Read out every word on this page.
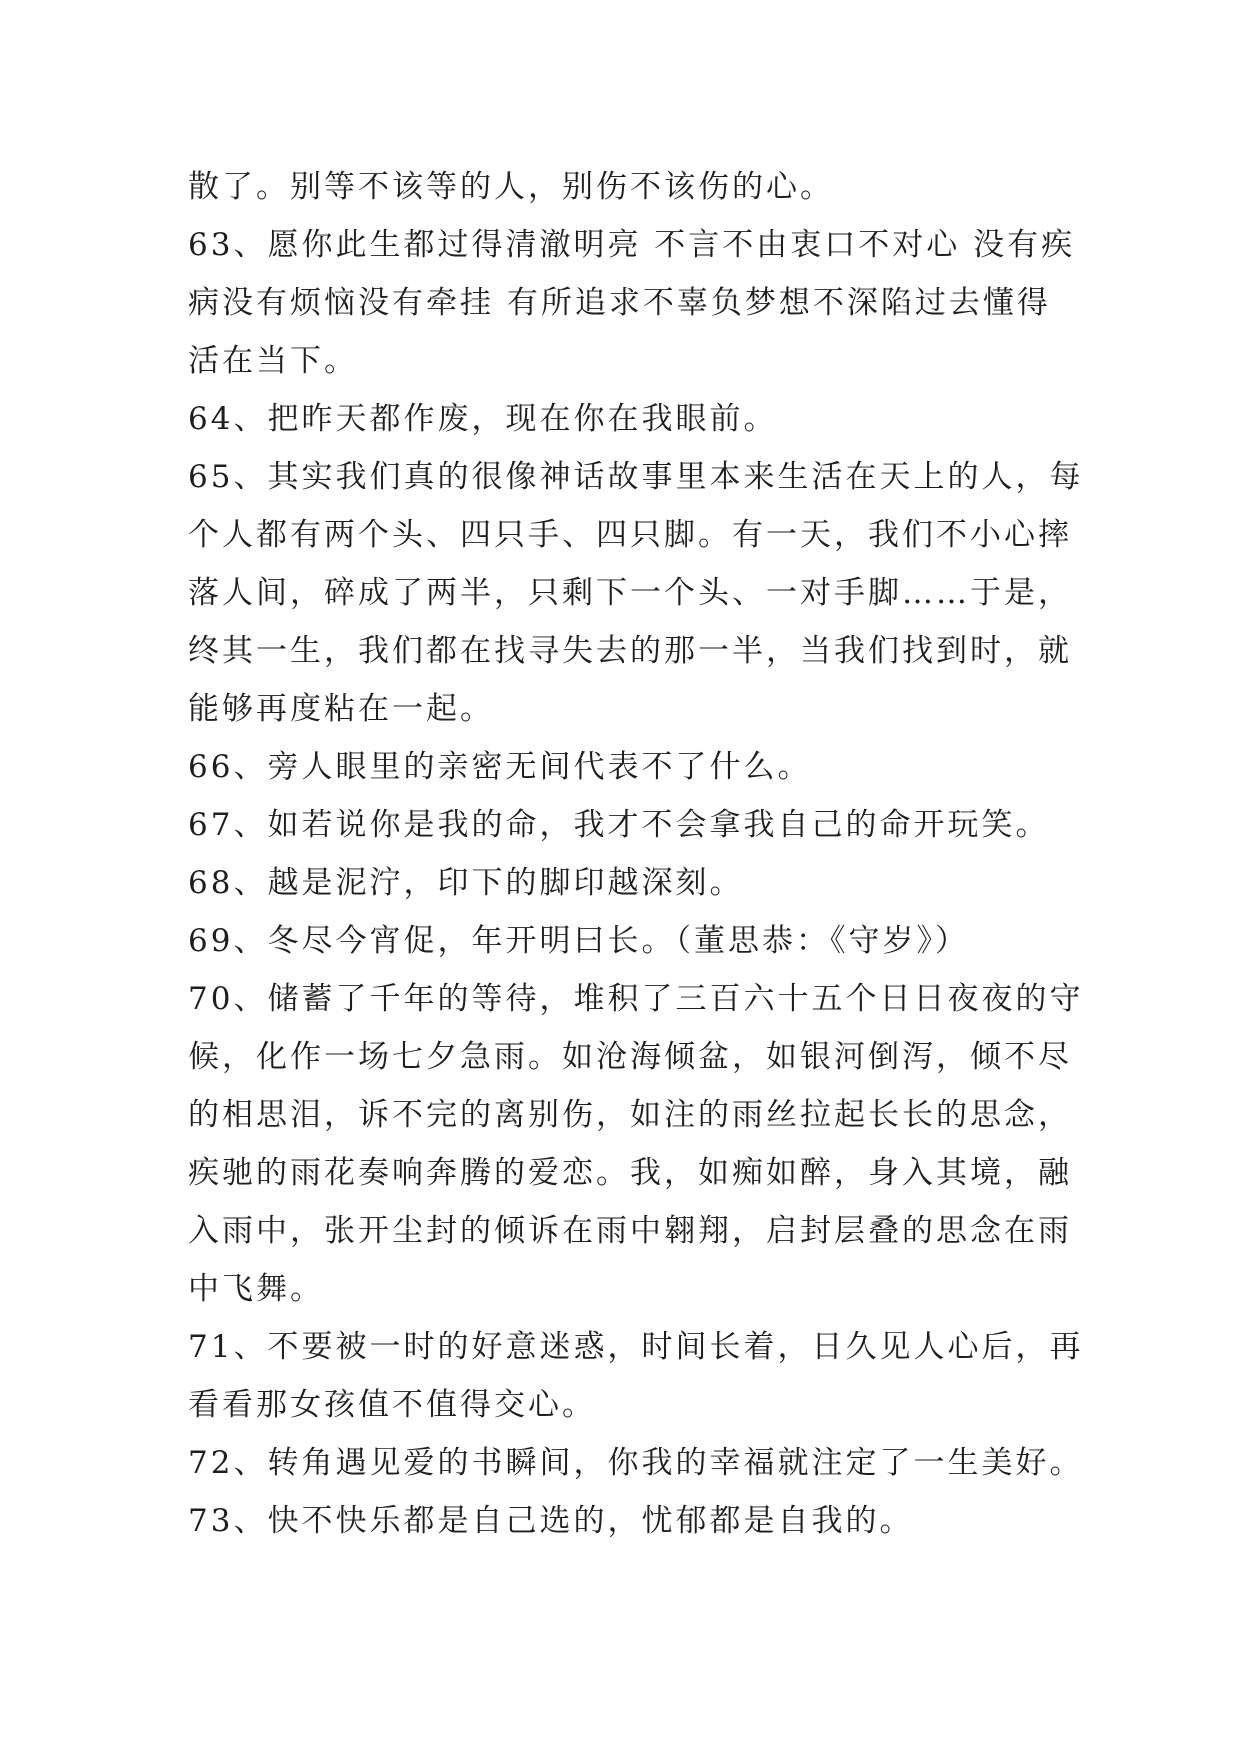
散了。别等不该等的人，别伤不该伤的心。
63、愿你此生都过得清澈明亮 不言不由衷口不对心 没有疾
病没有烦恼没有牵挂 有所追求不辜负梦想不深陷过去懂得
活在当下。
64、把昨天都作废，现在你在我眼前。
65、其实我们真的很像神话故事里本来生活在天上的人，每
个人都有两个头、四只手、四只脚。有一天，我们不小心摔
落人间，碎成了两半，只剩下一个头、一对手脚……于是，
终其一生，我们都在找寻失去的那一半，当我们找到时，就
能够再度粘在一起。
66、旁人眼里的亲密无间代表不了什么。
67、如若说你是我的命，我才不会拿我自己的命开玩笑。
68、越是泥泞，印下的脚印越深刻。
69、冬尽今宵促，年开明曰长。（董思恭：《守岁》）
70、储蓄了千年的等待，堆积了三百六十五个日日夜夜的守
候，化作一场七夕急雨。如沧海倾盆，如银河倒泻，倾不尽
的相思泪，诉不完的离别伤，如注的雨丝拉起长长的思念，
疾驰的雨花奏响奔腾的爱恋。我，如痴如醉，身入其境，融
入雨中，张开尘封的倾诉在雨中翱翔，启封层叠的思念在雨
中飞舞。
71、不要被一时的好意迷惑，时间长着，日久见人心后，再
看看那女孩值不值得交心。
72、转角遇见爱的书瞬间，你我的幸福就注定了一生美好。
73、快不快乐都是自己选的，忧郁都是自我的。
